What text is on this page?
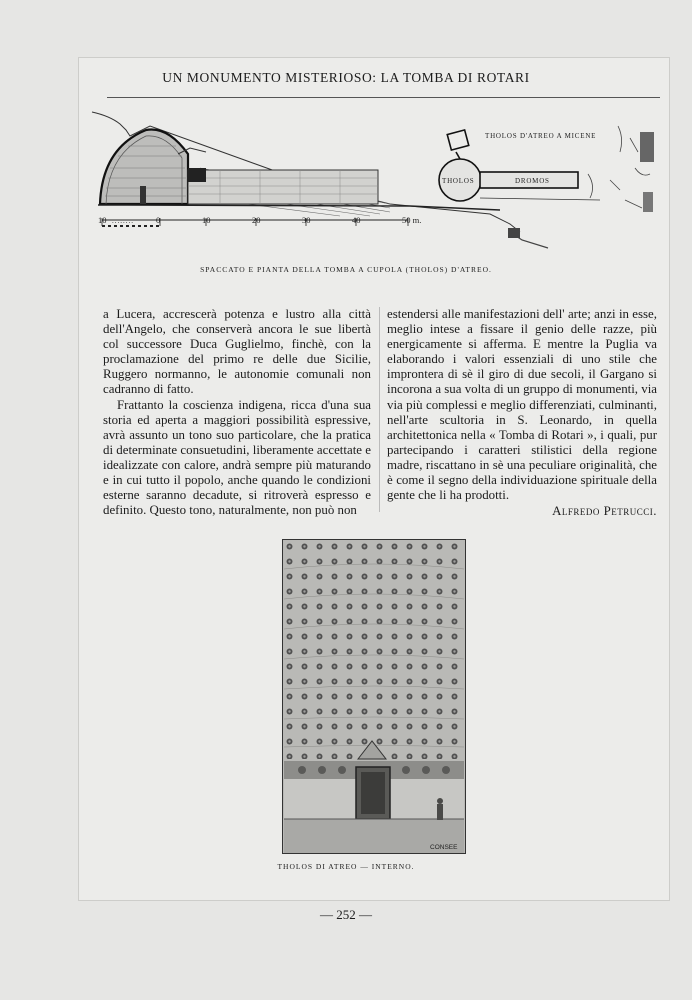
UN MONUMENTO MISTERIOSO: LA TOMBA DI ROTARI
10 ........	0	10	20	30	40	50 m.
THOLOS D'ATREO A MICENE
THOLOS	DROMOS
SPACCATO E PIANTA DELLA TOMBA A CUPOLA (THOLOS) D'ATREO.

a Lucera, accrescerà potenza e lustro alla città dell'Angelo, che conserverà ancora le sue libertà col successore Duca Guglielmo, finchè, con la proclamazione del primo re delle due Sicilie, Ruggero normanno, le autonomie comunali non cadranno di fatto.

Frattanto la coscienza indigena, ricca d'una sua storia ed aperta a maggiori possibilità espressive, avrà assunto un tono suo particolare, che la pratica di determinate consuetudini, liberamente accettate e idealizzate con calore, andrà sempre più maturando e in cui tutto il popolo, anche quando le condizioni esterne saranno decadute, si ritroverà espresso e definito. Questo tono, naturalmente, non può non

estendersi alle manifestazioni dell' arte; anzi in esse, meglio intese a fissare il genio delle razze, più energicamente si afferma. E mentre la Puglia va elaborando i valori essenziali di uno stile che improntera di sè il giro di due secoli, il Gargano si incorona a sua volta di un gruppo di monumenti, via via più complessi e meglio differenziati, culminanti, nell'arte scultoria in S. Leonardo, in quella architettonica nella « Tomba di Rotari », i quali, pur partecipando i caratteri stilistici della regione madre, riscattano in sè una peculiare originalità, che è come il segno della individuazione spirituale della gente che li ha prodotti.

Alfredo Petrucci.
CONSEE
THOLOS DI ATREO — INTERNO.
— 252 —
